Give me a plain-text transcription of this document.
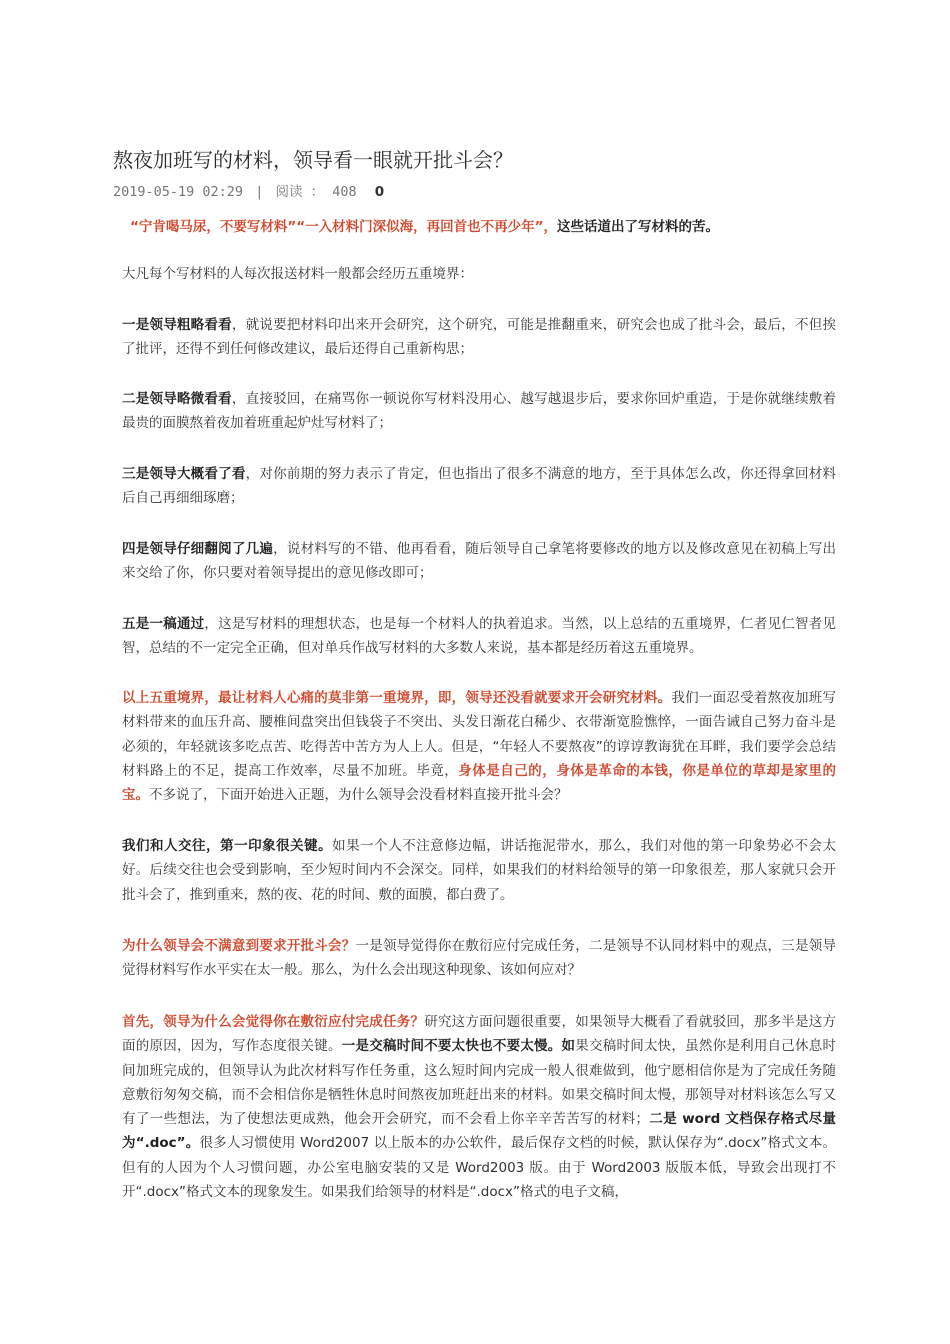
熬夜加班写的材料，领导看一眼就开批斗会？
2019-05-19 02:29 | 阅读 ： 408 0
“宁肯喝马尿，不要写材料”“一入材料门深似海，再回首也不再少年”，这些话道出了写材料的苦。

大凡每个写材料的人每次报送材料一般都会经历五重境界：

一是领导粗略看看，就说要把材料印出来开会研究，这个研究，可能是推翻重来，研究会也成了批斗会，最后，不但挨了批评，还得不到任何修改建议，最后还得自己重新构思；

二是领导略微看看，直接驳回，在痛骂你一顿说你写材料没用心、越写越退步后，要求你回炉重造，于是你就继续敷着最贵的面膜熬着夜加着班重起炉灶写材料了；

三是领导大概看了看，对你前期的努力表示了肯定，但也指出了很多不满意的地方，至于具体怎么改，你还得拿回材料后自己再细细琢磨；

四是领导仔细翻阅了几遍，说材料写的不错、他再看看，随后领导自己拿笔将要修改的地方以及修改意见在初稿上写出来交给了你，你只要对着领导提出的意见修改即可；

五是一稿通过，这是写材料的理想状态，也是每一个材料人的执着追求。当然，以上总结的五重境界，仁者见仁智者见智，总结的不一定完全正确，但对单兵作战写材料的大多数人来说，基本都是经历着这五重境界。

以上五重境界，最让材料人心痛的莫非第一重境界，即，领导还没看就要求开会研究材料。我们一面忍受着熬夜加班写材料带来的血压升高、腰椎间盘突出但钱袋子不突出、头发日渐花白稀少、衣带渐宽脸憔悴，一面告诫自己努力奋斗是必须的，年轻就该多吃点苦、吃得苦中苦方为人上人。但是，“年轻人不要熬夜”的谆谆教诲犹在耳畔，我们要学会总结材料路上的不足，提高工作效率，尽量不加班。毕竟，身体是自己的，身体是革命的本钱，你是单位的草却是家里的宝。不多说了，下面开始进入正题，为什么领导会没看材料直接开批斗会？

我们和人交往，第一印象很关键。如果一个人不注意修边幅，讲话拖泥带水，那么，我们对他的第一印象势必不会太好。后续交往也会受到影响，至少短时间内不会深交。同样，如果我们的材料给领导的第一印象很差，那人家就只会开批斗会了，推到重来，熬的夜、花的时间、敷的面膜，都白费了。

为什么领导会不满意到要求开批斗会？一是领导觉得你在敷衍应付完成任务，二是领导不认同材料中的观点，三是领导觉得材料写作水平实在太一般。那么，为什么会出现这种现象、该如何应对？

首先，领导为什么会觉得你在敷衍应付完成任务？研究这方面问题很重要，如果领导大概看了看就驳回，那多半是这方面的原因，因为，写作态度很关键。一是交稿时间不要太快也不要太慢。如果交稿时间太快，虽然你是利用自己休息时间加班完成的，但领导认为此次材料写作任务重，这么短时间内完成一般人很难做到，他宁愿相信你是为了完成任务随意敷衍匆匆交稿，而不会相信你是牺牲休息时间熬夜加班赶出来的材料。如果交稿时间太慢，那领导对材料该怎么写又有了一些想法，为了使想法更成熟，他会开会研究，而不会看上你辛辛苦苦写的材料；二是 word 文档保存格式尽量为“.doc”。很多人习惯使用 Word2007 以上版本的办公软件，最后保存文档的时候，默认保存为“.docx”格式文本。但有的人因为个人习惯问题，办公室电脑安装的又是 Word2003 版。由于 Word2003 版版本低，导致会出现打不开“.docx”格式文本的现象发生。如果我们给领导的材料是“.docx”格式的电子文稿，
